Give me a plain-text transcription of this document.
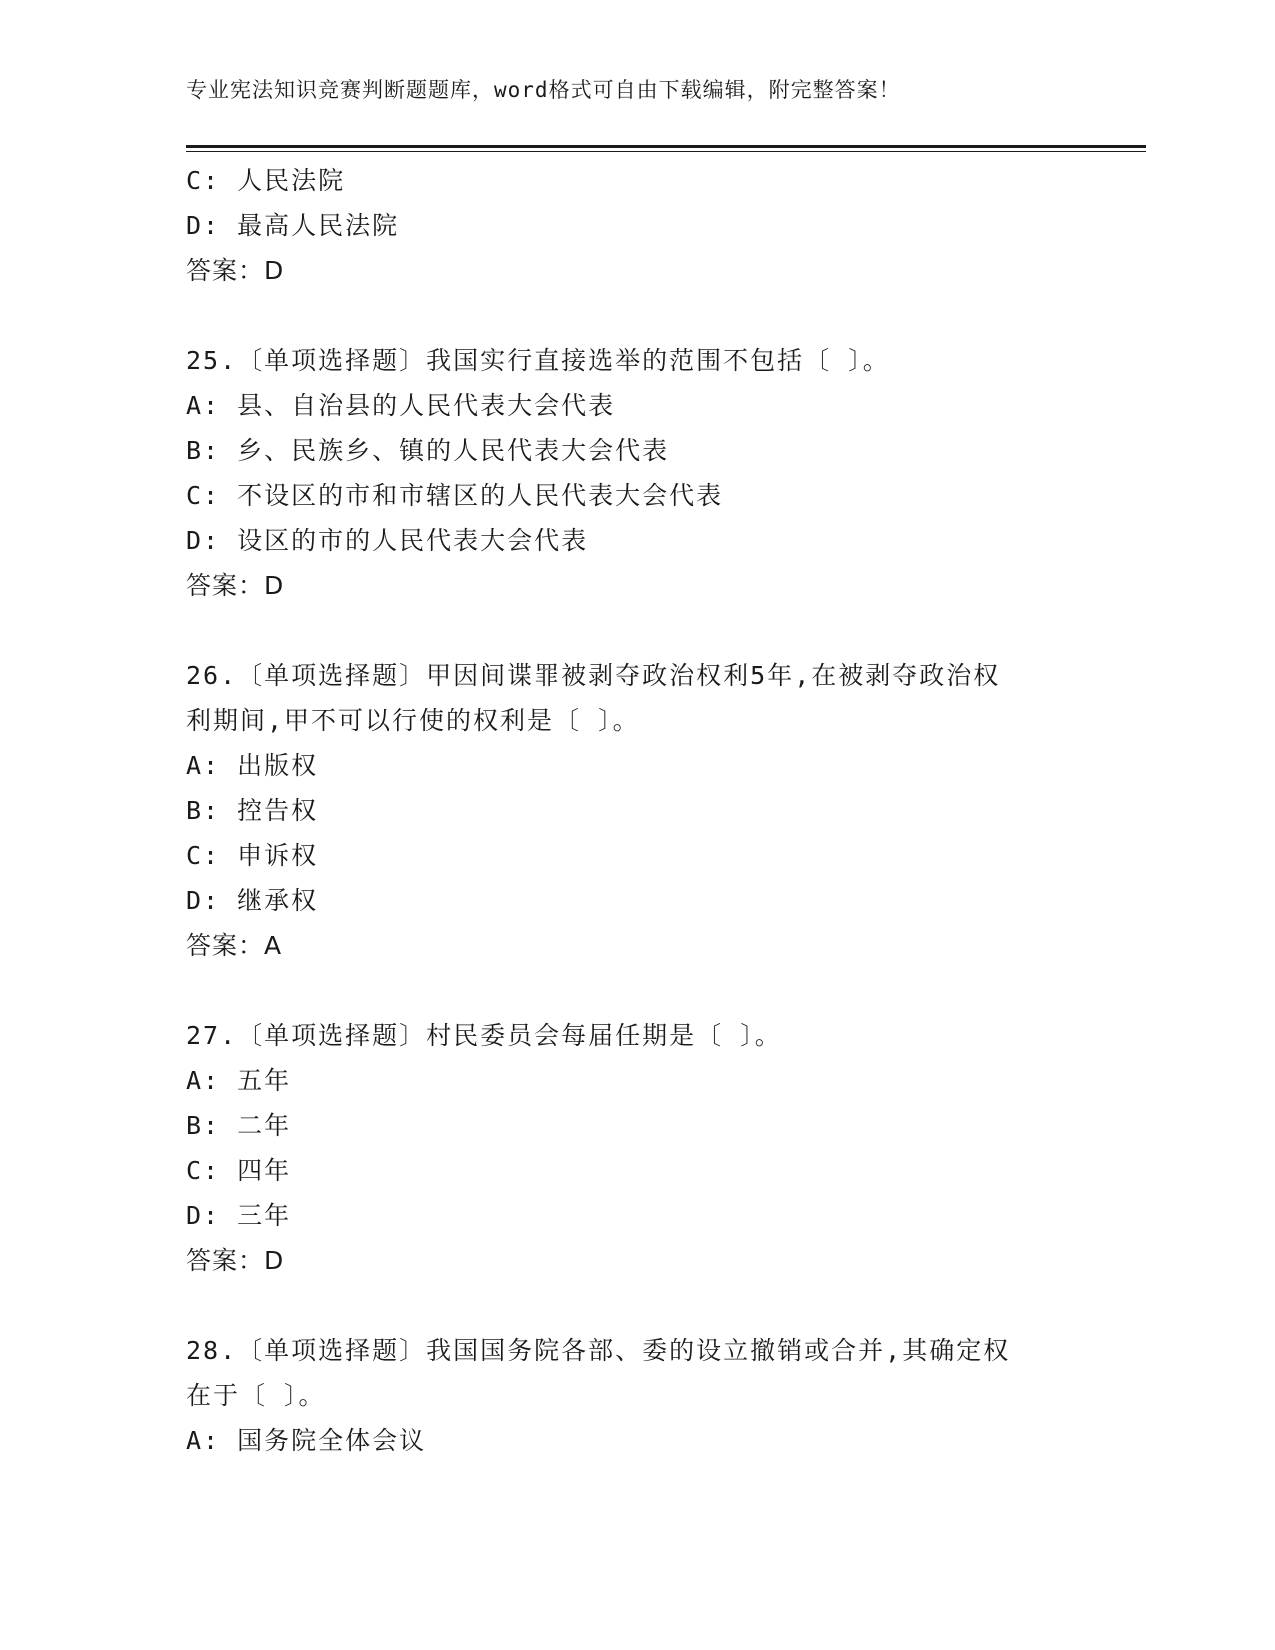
专业宪法知识竞赛判断题题库，word格式可自由下载编辑，附完整答案！
C: 人民法院
D: 最高人民法院
答案：D
25.〔单项选择题〕我国实行直接选举的范围不包括〔 〕。
A: 县、自治县的人民代表大会代表
B: 乡、民族乡、镇的人民代表大会代表
C: 不设区的市和市辖区的人民代表大会代表
D: 设区的市的人民代表大会代表
答案：D
26.〔单项选择题〕甲因间谍罪被剥夺政治权利5年,在被剥夺政治权
利期间,甲不可以行使的权利是〔 〕。
A: 出版权
B: 控告权
C: 申诉权
D: 继承权
答案：A
27.〔单项选择题〕村民委员会每届任期是〔 〕。
A: 五年
B: 二年
C: 四年
D: 三年
答案：D
28.〔单项选择题〕我国国务院各部、委的设立撤销或合并,其确定权
在于〔 〕。
A: 国务院全体会议
